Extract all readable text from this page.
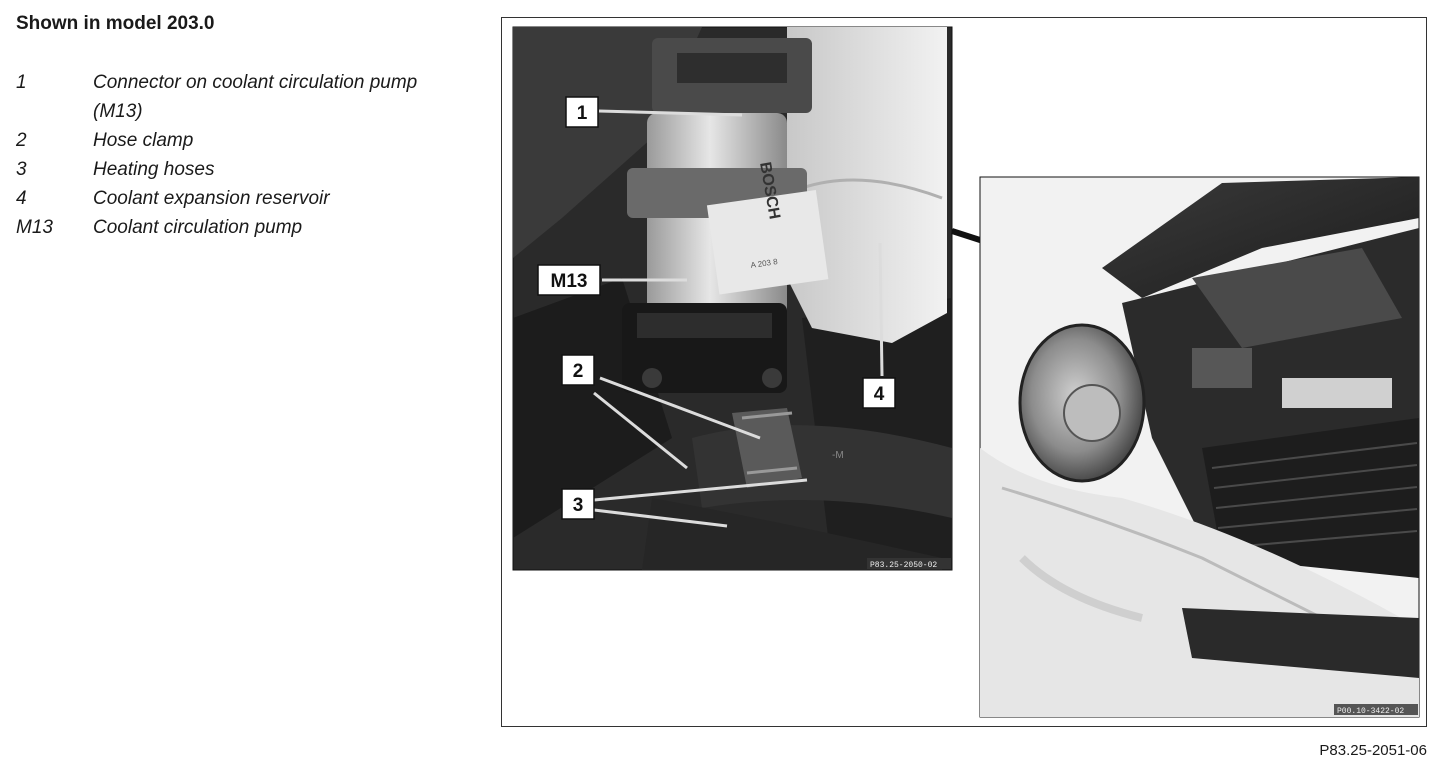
Shown in model 203.0
1	Connector on coolant circulation pump (M13)
2	Hose clamp
3	Heating hoses
4	Coolant expansion reservoir
M13	Coolant circulation pump
A 203 8
BOSCH
-M
1
M13
2
3
4
P83.25-2050-02
P00.10-3422-02
P83.25-2051-06
